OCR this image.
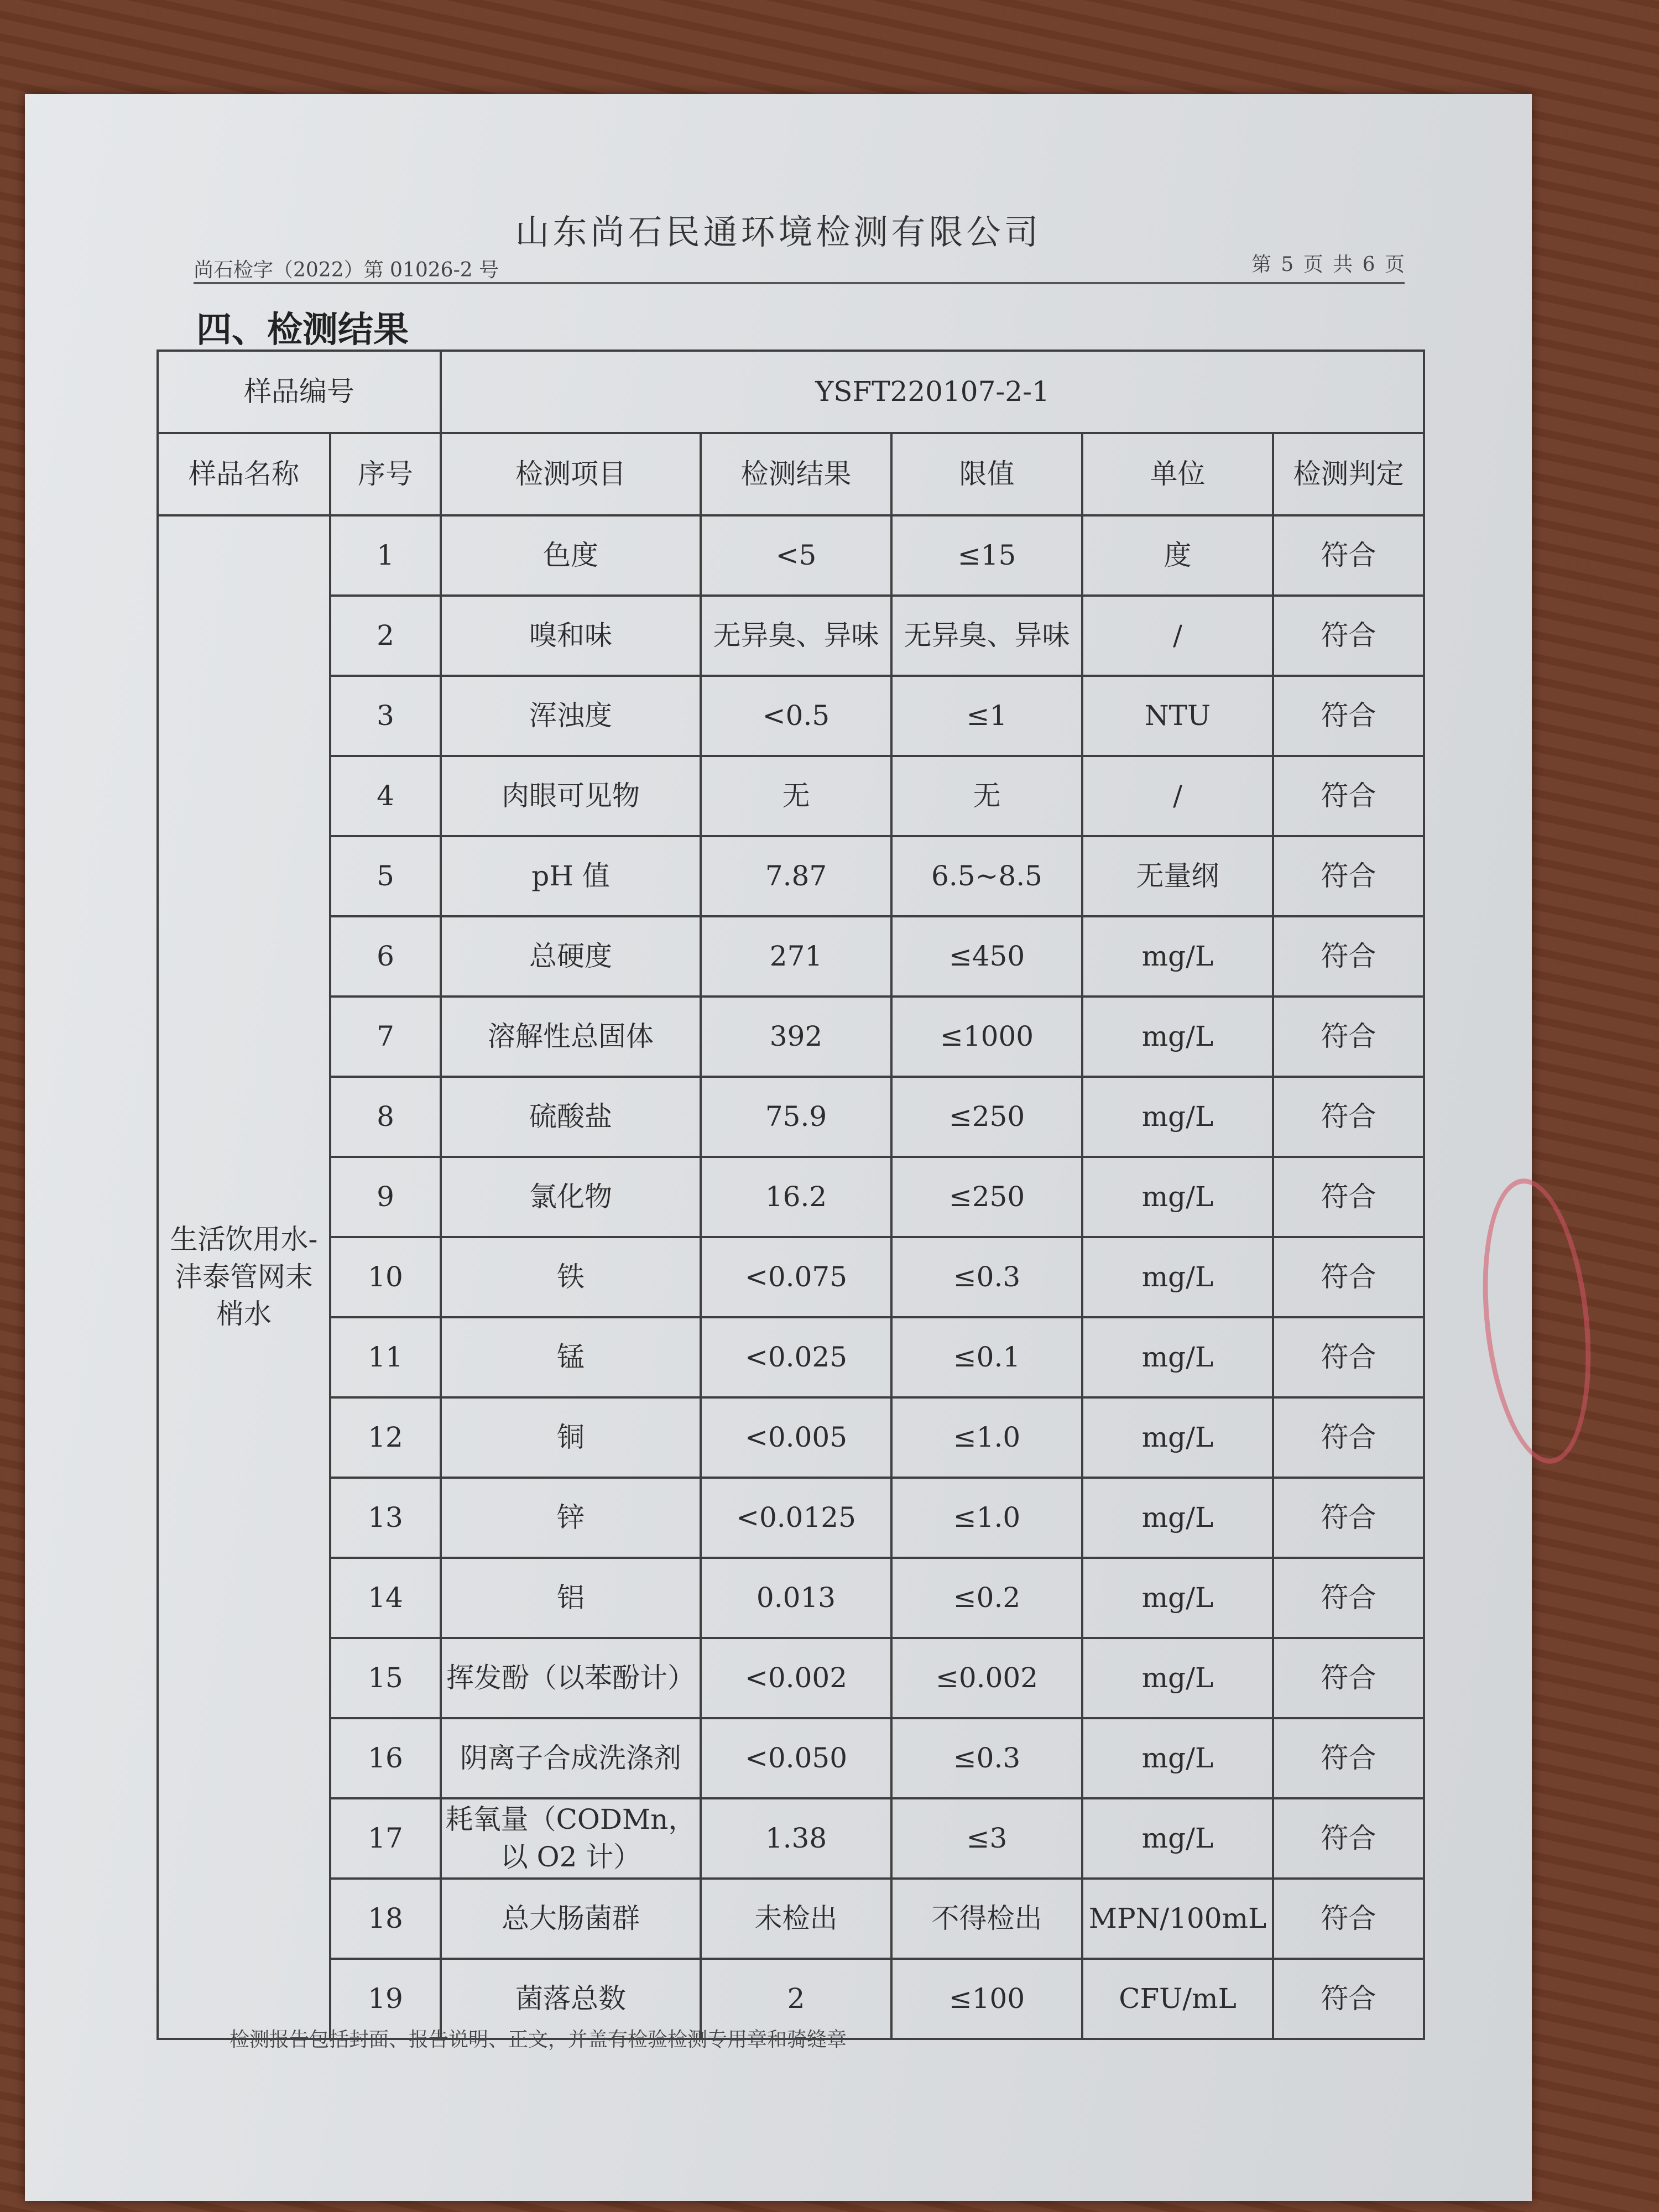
山东尚石民通环境检测有限公司
尚石检字（2022）第 01026-2 号	第 5 页 共 6 页
四、检测结果
样品编号		YSFT220107-2-1				
样品名称	序号	检测项目	检测结果	限值	单位	检测判定
生活饮用水-沣泰管网末梢水	1	色度	<5	≤15	度	符合
	2	嗅和味	无异臭、异味	无异臭、异味	/	符合
	3	浑浊度	<0.5	≤1	NTU	符合
	4	肉眼可见物	无	无	/	符合
	5	pH 值	7.87	6.5~8.5	无量纲	符合
	6	总硬度	271	≤450	mg/L	符合
	7	溶解性总固体	392	≤1000	mg/L	符合
	8	硫酸盐	75.9	≤250	mg/L	符合
	9	氯化物	16.2	≤250	mg/L	符合
	10	铁	<0.075	≤0.3	mg/L	符合
	11	锰	<0.025	≤0.1	mg/L	符合
	12	铜	<0.005	≤1.0	mg/L	符合
	13	锌	<0.0125	≤1.0	mg/L	符合
	14	铝	0.013	≤0.2	mg/L	符合
	15	挥发酚（以苯酚计）	<0.002	≤0.002	mg/L	符合
	16	阴离子合成洗涤剂	<0.050	≤0.3	mg/L	符合
	17	耗氧量（CODMn，以 O2 计）	1.38	≤3	mg/L	符合
	18	总大肠菌群	未检出	不得检出	MPN/100mL	符合
	19	菌落总数	2	≤100	CFU/mL	符合
检测报告包括封面、报告说明、正文，并盖有检验检测专用章和骑缝章
